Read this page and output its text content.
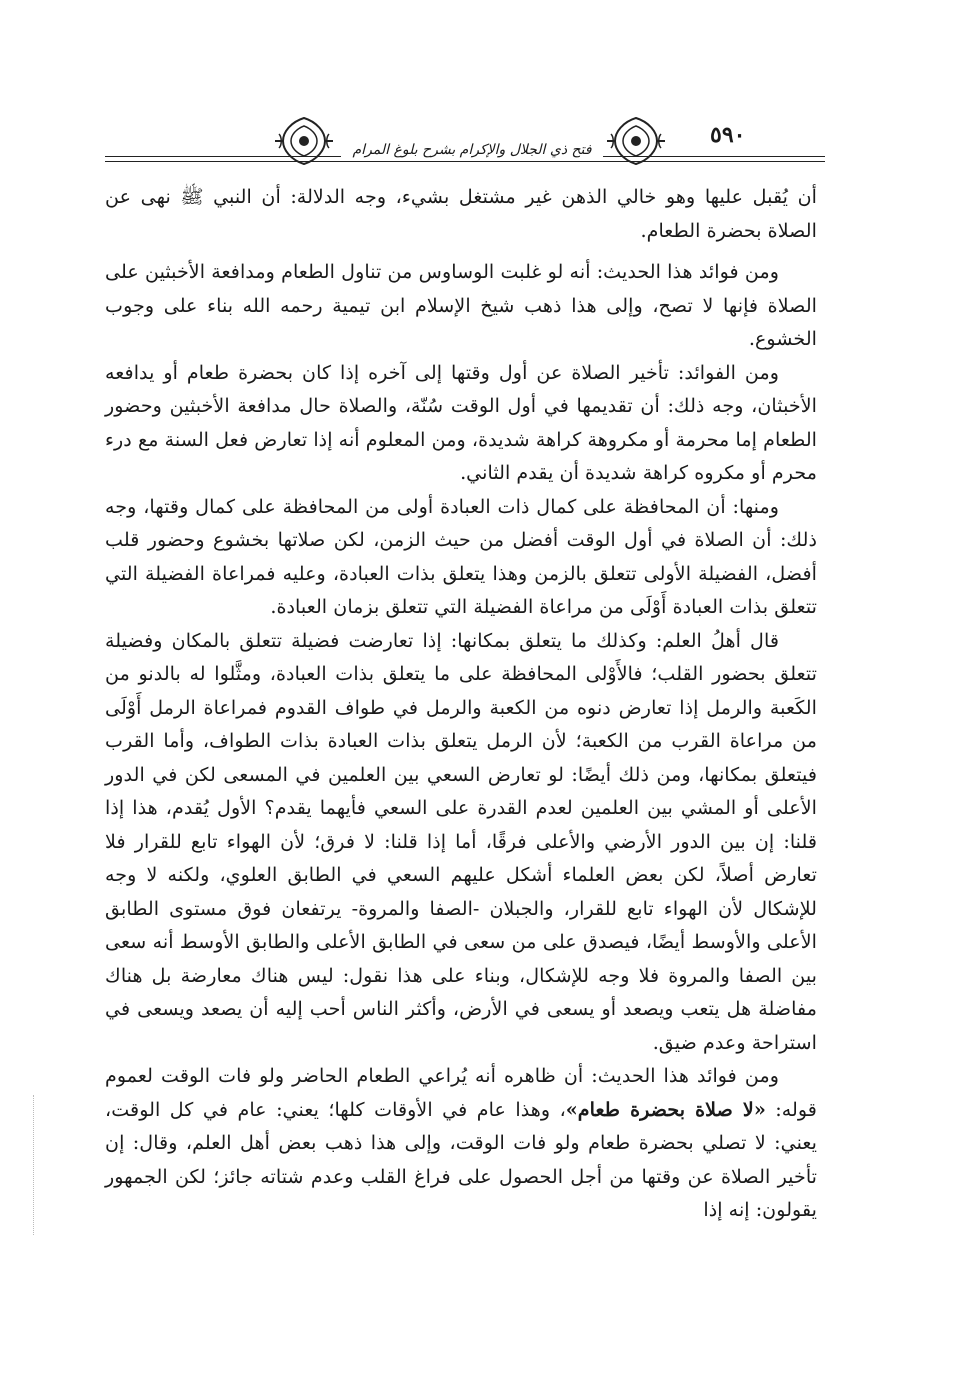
فتح ذي الجلال والإكرام بشرح بلوغ المرام
٥٩٠

أن يُقبل عليها وهو خالي الذهن غير مشتغل بشيء، وجه الدلالة: أن النبي ﷺ نهى عن الصلاة بحضرة الطعام.

ومن فوائد هذا الحديث: أنه لو غلبت الوساوس من تناول الطعام ومدافعة الأخبثين على الصلاة فإنها لا تصح، وإلى هذا ذهب شيخ الإسلام ابن تيمية رحمه الله بناء على وجوب الخشوع.

ومن الفوائد: تأخير الصلاة عن أول وقتها إلى آخره إذا كان بحضرة طعام أو يدافعه الأخبثان، وجه ذلك: أن تقديمها في أول الوقت سُنّة، والصلاة حال مدافعة الأخبثين وحضور الطعام إما محرمة أو مكروهة كراهة شديدة، ومن المعلوم أنه إذا تعارض فعل السنة مع درء محرم أو مكروه كراهة شديدة أن يقدم الثاني.

ومنها: أن المحافظة على كمال ذات العبادة أولى من المحافظة على كمال وقتها، وجه ذلك: أن الصلاة في أول الوقت أفضل من حيث الزمن، لكن صلاتها بخشوع وحضور قلب أفضل، الفضيلة الأولى تتعلق بالزمن وهذا يتعلق بذات العبادة، وعليه فمراعاة الفضيلة التي تتعلق بذات العبادة أَوْلَى من مراعاة الفضيلة التي تتعلق بزمان العبادة.

قال أهلُ العلم: وكذلك ما يتعلق بمكانها: إذا تعارضت فضيلة تتعلق بالمكان وفضيلة تتعلق بحضور القلب؛ فالأَوْلى المحافظة على ما يتعلق بذات العبادة، ومثَّلوا له بالدنو من الكَعبة والرمل إذا تعارض دنوه من الكعبة والرمل في طواف القدوم فمراعاة الرمل أَوْلَى من مراعاة القرب من الكعبة؛ لأن الرمل يتعلق بذات العبادة بذات الطواف، وأما القرب فيتعلق بمكانها، ومن ذلك أيضًا: لو تعارض السعي بين العلمين في المسعى لكن في الدور الأعلى أو المشي بين العلمين لعدم القدرة على السعي فأيهما يقدم؟ الأول يُقدم، هذا إذا قلنا: إن بين الدور الأرضي والأعلى فرقًا، أما إذا قلنا: لا فرق؛ لأن الهواء تابع للقرار فلا تعارض أصلاً، لكن بعض العلماء أشكل عليهم السعي في الطابق العلوي، ولكنه لا وجه للإشكال لأن الهواء تابع للقرار، والجبلان -الصفا والمروة- يرتفعان فوق مستوى الطابق الأعلى والأوسط أيضًا، فيصدق على من سعى في الطابق الأعلى والطابق الأوسط أنه سعى بين الصفا والمروة فلا وجه للإشكال، وبناء على هذا نقول: ليس هناك معارضة بل هناك مفاضلة هل يتعب ويصعد أو يسعى في الأرض، وأكثر الناس أحب إليه أن يصعد ويسعى في استراحة وعدم ضيق.

ومن فوائد هذا الحديث: أن ظاهره أنه يُراعي الطعام الحاضر ولو فات الوقت لعموم قوله: «لا صلاة بحضرة طعام»، وهذا عام في الأوقات كلها؛ يعني: عام في كل الوقت، يعني: لا تصلي بحضرة طعام ولو فات الوقت، وإلى هذا ذهب بعض أهل العلم، وقال: إن تأخير الصلاة عن وقتها من أجل الحصول على فراغ القلب وعدم شتاته جائز؛ لكن الجمهور يقولون: إنه إذا
